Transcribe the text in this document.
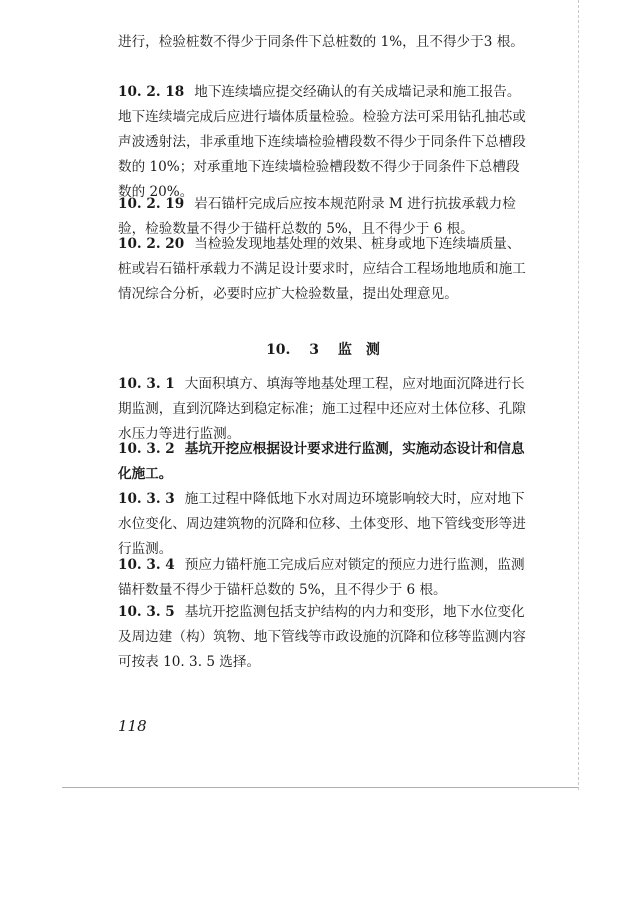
进行，检验桩数不得少于同条件下总桩数的 1%，且不得少于3 根。
10. 2. 18 地下连续墙应提交经确认的有关成墙记录和施工报告。地下连续墙完成后应进行墙体质量检验。检验方法可采用钻孔抽芯或声波透射法，非承重地下连续墙检验槽段数不得少于同条件下总槽段数的 10%；对承重地下连续墙检验槽段数不得少于同条件下总槽段数的 20%。
10. 2. 19 岩石锚杆完成后应按本规范附录 M 进行抗拔承载力检验，检验数量不得少于锚杆总数的 5%，且不得少于 6 根。
10. 2. 20 当检验发现地基处理的效果、桩身或地下连续墙质量、桩或岩石锚杆承载力不满足设计要求时，应结合工程场地地质和施工情况综合分析，必要时应扩大检验数量，提出处理意见。
10. 3 监　测
10. 3. 1 大面积填方、填海等地基处理工程，应对地面沉降进行长期监测，直到沉降达到稳定标准；施工过程中还应对土体位移、孔隙水压力等进行监测。
10. 3. 2 基坑开挖应根据设计要求进行监测，实施动态设计和信息化施工。
10. 3. 3 施工过程中降低地下水对周边环境影响较大时，应对地下水位变化、周边建筑物的沉降和位移、土体变形、地下管线变形等进行监测。
10. 3. 4 预应力锚杆施工完成后应对锁定的预应力进行监测，监测锚杆数量不得少于锚杆总数的 5%，且不得少于 6 根。
10. 3. 5 基坑开挖监测包括支护结构的内力和变形，地下水位变化及周边建（构）筑物、地下管线等市政设施的沉降和位移等监测内容可按表 10. 3. 5 选择。
118
